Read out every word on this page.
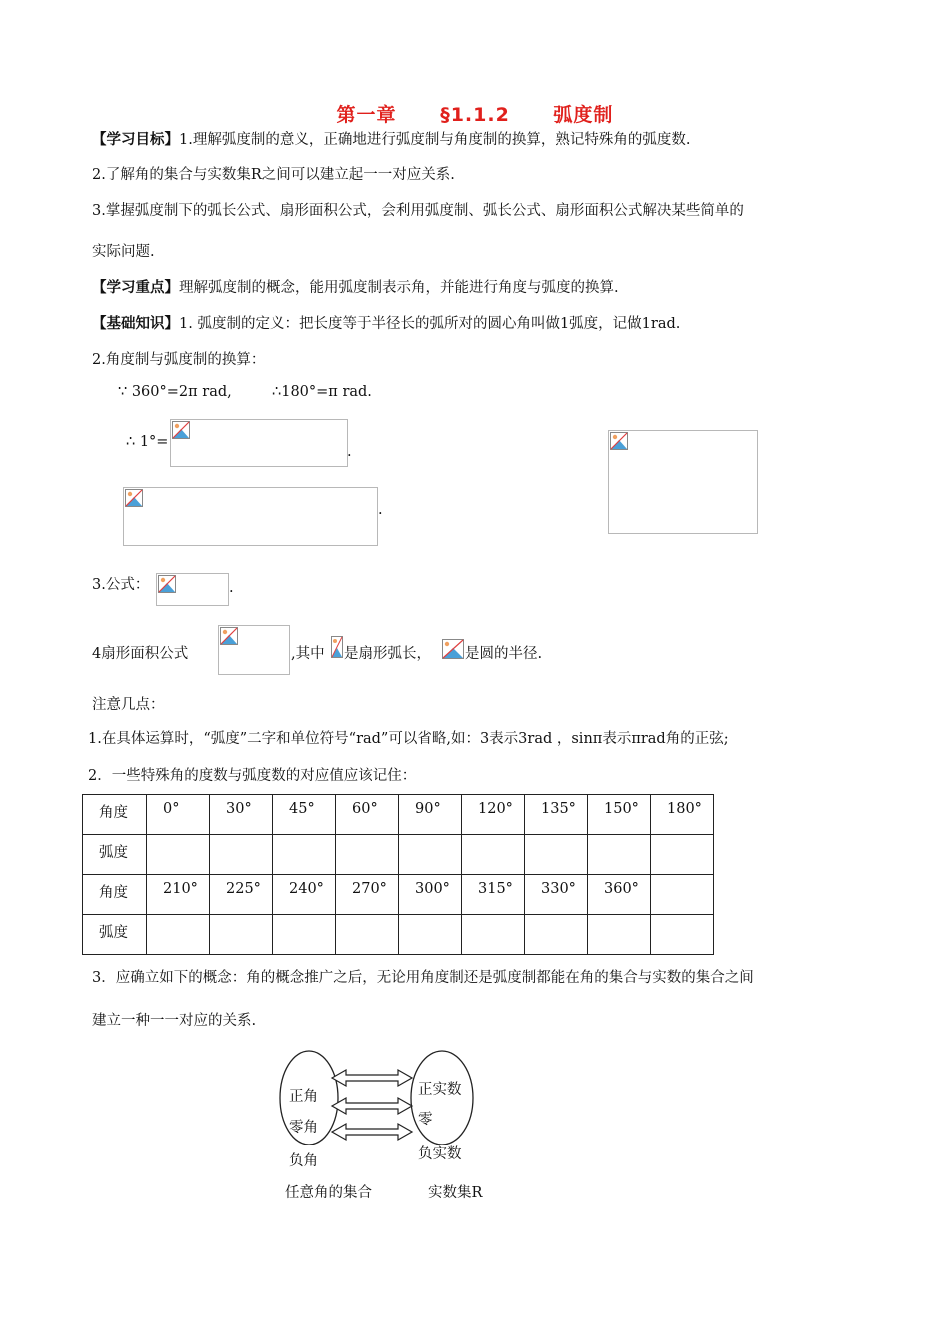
第一章 §1.1.2 弧度制
【学习目标】1.理解弧度制的意义，正确地进行弧度制与角度制的换算，熟记特殊角的弧度数.
2.了解角的集合与实数集R之间可以建立起一一对应关系.
3.掌握弧度制下的弧长公式、扇形面积公式，会利用弧度制、弧长公式、扇形面积公式解决某些简单的
实际问题.
【学习重点】理解弧度制的概念，能用弧度制表示角，并能进行角度与弧度的换算.
【基础知识】1. 弧度制的定义：把长度等于半径长的弧所对的圆心角叫做1弧度，记做1rad.
2.角度制与弧度制的换算：
∵ 360°=2π rad,	∴180°=π rad.
∴ 1°=
.
.
3.公式：	.
4扇形面积公式	,其中 是扇形弧长， 是圆的半径.
注意几点：
1.在具体运算时，“弧度”二字和单位符号“rad”可以省略,如：3表示3rad ，sinπ表示πrad角的正弦;
2．一些特殊角的度数与弧度数的对应值应该记住：
角度	0°	30°	45°	60°	90°	120°	135°	150°	180°
弧度									
角度	210°	225°	240°	270°	300°	315°	330°	360°	
弧度									
3．应确立如下的概念：角的概念推广之后，无论用角度制还是弧度制都能在角的集合与实数的集合之间
建立一种一一对应的关系.
正角
零角
负角
正实数
零
负实数
任意角的集合	实数集R
